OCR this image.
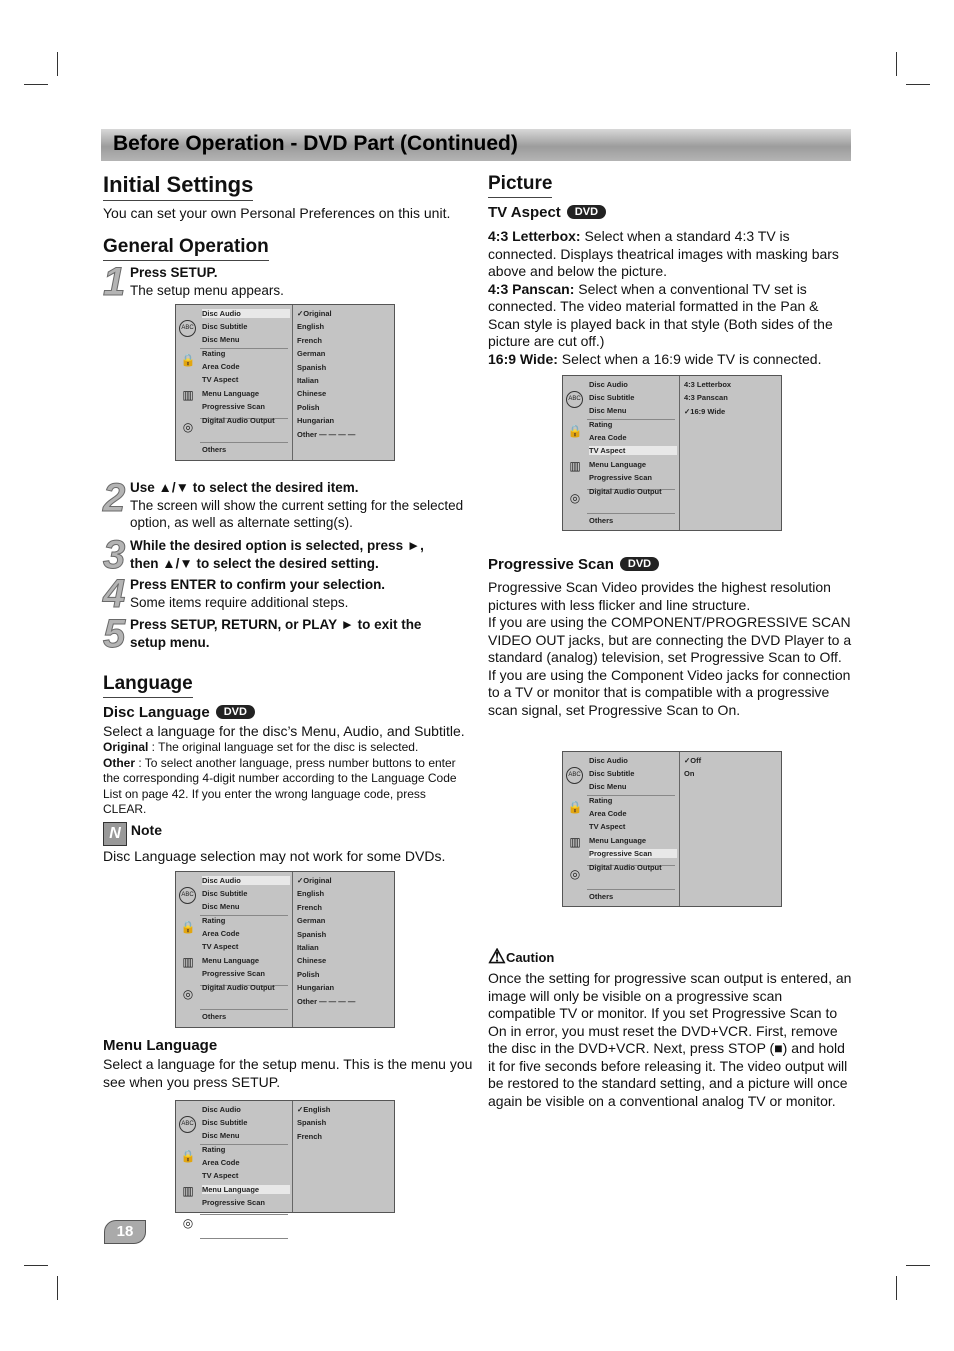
Before Operation - DVD Part (Continued)
Initial Settings
You can set your own Personal Preferences on this unit.
General Operation
1 Press SETUP.
The setup menu appears.
ABC
🔒
▥
◎
Disc Audio
Disc Subtitle
Disc Menu
Rating
Area Code
TV Aspect
Menu Language
Progressive Scan
Digital Audio Output
Others
✓Original
English
French
German
Spanish
Italian
Chinese
Polish
Hungarian
Other — — — —
2 Use ▲/▼ to select the desired item.
The screen will show the current setting for the selected option, as well as alternate setting(s).
3 While the desired option is selected, press ►, then ▲/▼ to select the desired setting.
4 Press ENTER to confirm your selection.
Some items require additional steps.
5 Press SETUP, RETURN, or PLAY ► to exit the setup menu.
Language
Disc Language DVD
Select a language for the disc’s Menu, Audio, and Subtitle.
Original : The original language set for the disc is selected.
Other : To select another language, press number buttons to enter the corresponding 4-digit number according to the Language Code List on page 42. If you enter the wrong language code, press CLEAR.
N Note
Disc Language selection may not work for some DVDs.
ABC
🔒
▥
◎
Disc Audio
Disc Subtitle
Disc Menu
Rating
Area Code
TV Aspect
Menu Language
Progressive Scan
Digital Audio Output
Others
✓Original
English
French
German
Spanish
Italian
Chinese
Polish
Hungarian
Other — — — —
Menu Language
Select a language for the setup menu. This is the menu you see when you press SETUP.
ABC
🔒
▥
◎
Disc Audio
Disc Subtitle
Disc Menu
Rating
Area Code
TV Aspect
Menu Language
Progressive Scan
✓English
Spanish
French
18
Picture
TV Aspect DVD
4:3 Letterbox: Select when a standard 4:3 TV is connected. Displays theatrical images with masking bars above and below the picture.
4:3 Panscan: Select when a conventional TV set is connected. The video material formatted in the Pan & Scan style is played back in that style (Both sides of the picture are cut off.)
16:9 Wide: Select when a 16:9 wide TV is connected.
ABC
🔒
▥
◎
Disc Audio
Disc Subtitle
Disc Menu
Rating
Area Code
TV Aspect
Menu Language
Progressive Scan
Digital Audio Output
Others
4:3 Letterbox
4:3 Panscan
✓16:9 Wide
Progressive Scan DVD
Progressive Scan Video provides the highest resolution pictures with less flicker and line structure.
If you are using the COMPONENT/PROGRESSIVE SCAN VIDEO OUT jacks, but are connecting the DVD Player to a standard (analog) television, set Progressive Scan to Off.
If you are using the Component Video jacks for connection to a TV or monitor that is compatible with a progressive scan signal, set Progressive Scan to On.
ABC
🔒
▥
◎
Disc Audio
Disc Subtitle
Disc Menu
Rating
Area Code
TV Aspect
Menu Language
Progressive Scan
Digital Audio Output
Others
✓Off
On
⚠Caution
Once the setting for progressive scan output is entered, an image will only be visible on a progressive scan compatible TV or monitor. If you set Progressive Scan to On in error, you must reset the DVD+VCR. First, remove the disc in the DVD+VCR. Next, press STOP (■) and hold it for five seconds before releasing it. The video output will be restored to the standard setting, and a picture will once again be visible on a conventional analog TV or monitor.
